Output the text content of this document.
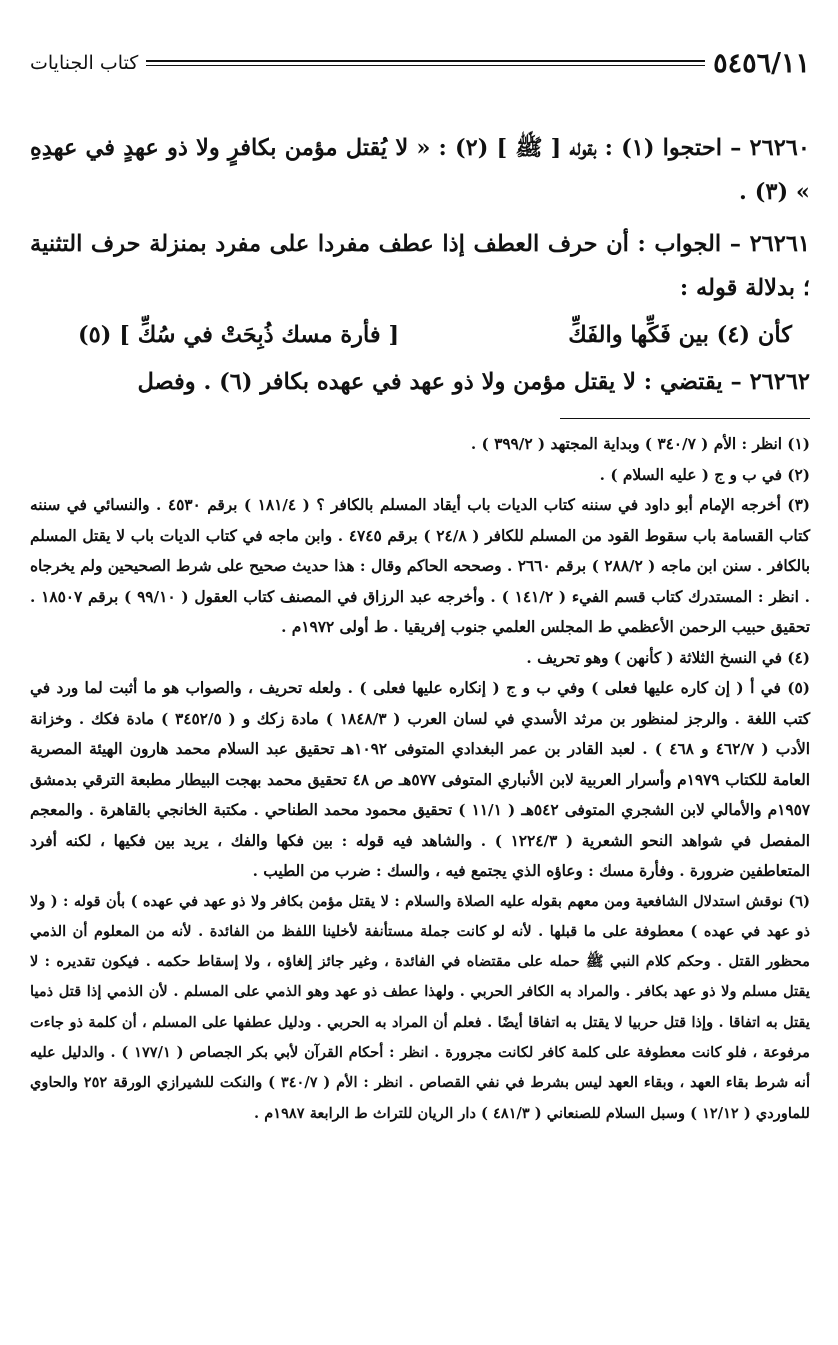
٥٤٥٦/١١
كتاب الجنايات

٢٦٢٦٠ – احتجوا (١) : بقوله [ ﷺ ] (٢) : « لا يُقتل مؤمن بكافرٍ ولا ذو عهدٍ في عهدِهِ » (٣) .

٢٦٢٦١ – الجواب : أن حرف العطف إذا عطف مفردا على مفرد بمنزلة حرف التثنية ؛ بدلالة قوله :

كأن (٤) بين فَكِّها والفَكِّ
[ فأرة مسك ذُبِحَتْ في سُكِّ ] (٥)

٢٦٢٦٢ – يقتضي : لا يقتل مؤمن ولا ذو عهد في عهده بكافر (٦) . وفصل

(١) انظر : الأم ( ٣٤٠/٧ ) وبداية المجتهد ( ٣٩٩/٢ ) .

(٢) في ب و ج ( عليه السلام ) .

(٣) أخرجه الإمام أبو داود في سننه كتاب الديات باب أيقاد المسلم بالكافر ؟ ( ١٨١/٤ ) برقم ٤٥٣٠ . والنسائي في سننه كتاب القسامة باب سقوط القود من المسلم للكافر ( ٢٤/٨ ) برقم ٤٧٤٥ . وابن ماجه في كتاب الديات باب لا يقتل المسلم بالكافر . سنن ابن ماجه ( ٢٨٨/٢ ) برقم ٢٦٦٠ . وصححه الحاكم وقال : هذا حديث صحيح على شرط الصحيحين ولم يخرجاه . انظر : المستدرك كتاب قسم الفيء ( ١٤١/٢ ) . وأخرجه عبد الرزاق في المصنف كتاب العقول ( ٩٩/١٠ ) برقم ١٨٥٠٧ . تحقيق حبيب الرحمن الأعظمي ط المجلس العلمي جنوب إفريقيا . ط أولى ١٩٧٢م .

(٤) في النسخ الثلاثة ( كأنهن ) وهو تحريف .

(٥) في أ ( إن كاره عليها فعلى ) وفي ب و ج ( إنكاره عليها فعلى ) . ولعله تحريف ، والصواب هو ما أثبت لما ورد في كتب اللغة . والرجز لمنظور بن مرثد الأسدي في لسان العرب ( ١٨٤٨/٣ ) مادة زكك و ( ٣٤٥٢/٥ ) مادة فكك . وخزانة الأدب ( ٤٦٢/٧ و ٤٦٨ ) . لعبد القادر بن عمر البغدادي المتوفى ١٠٩٢هـ تحقيق عبد السلام محمد هارون الهيئة المصرية العامة للكتاب ١٩٧٩م وأسرار العربية لابن الأنباري المتوفى ٥٧٧هـ ص ٤٨ تحقيق محمد بهجت البيطار مطبعة الترقي بدمشق ١٩٥٧م والأمالي لابن الشجري المتوفى ٥٤٢هـ ( ١١/١ ) تحقيق محمود محمد الطناحي . مكتبة الخانجي بالقاهرة . والمعجم المفصل في شواهد النحو الشعرية ( ١٢٢٤/٣ ) . والشاهد فيه قوله : بين فكها والفك ، يريد بين فكيها ، لكنه أفرد المتعاطفين ضرورة . وفأرة مسك : وعاؤه الذي يجتمع فيه ، والسك : ضرب من الطيب .

(٦) نوقش استدلال الشافعية ومن معهم بقوله عليه الصلاة والسلام : لا يقتل مؤمن بكافر ولا ذو عهد في عهده ) بأن قوله : ( ولا ذو عهد في عهده ) معطوفة على ما قبلها . لأنه لو كانت جملة مستأنفة لأخلينا اللفظ من الفائدة . لأنه من المعلوم أن الذمي محظور القتل . وحكم كلام النبي ﷺ حمله على مقتضاه في الفائدة ، وغير جائز إلغاؤه ، ولا إسقاط حكمه . فيكون تقديره : لا يقتل مسلم ولا ذو عهد بكافر . والمراد به الكافر الحربي . ولهذا عطف ذو عهد وهو الذمي على المسلم . لأن الذمي إذا قتل ذميا يقتل به اتفاقا . وإذا قتل حربيا لا يقتل به اتفاقا أيضًا . فعلم أن المراد به الحربي . ودليل عطفها على المسلم ، أن كلمة ذو جاءت مرفوعة ، فلو كانت معطوفة على كلمة كافر لكانت مجرورة . انظر : أحكام القرآن لأبي بكر الجصاص ( ١٧٧/١ ) . والدليل عليه أنه شرط بقاء العهد ، وبقاء العهد ليس بشرط في نفي القصاص . انظر : الأم ( ٣٤٠/٧ ) والنكت للشيرازي الورقة ٢٥٢ والحاوي للماوردي ( ١٢/١٢ ) وسبل السلام للصنعاني ( ٤٨١/٣ ) دار الريان للتراث ط الرابعة ١٩٨٧م .
